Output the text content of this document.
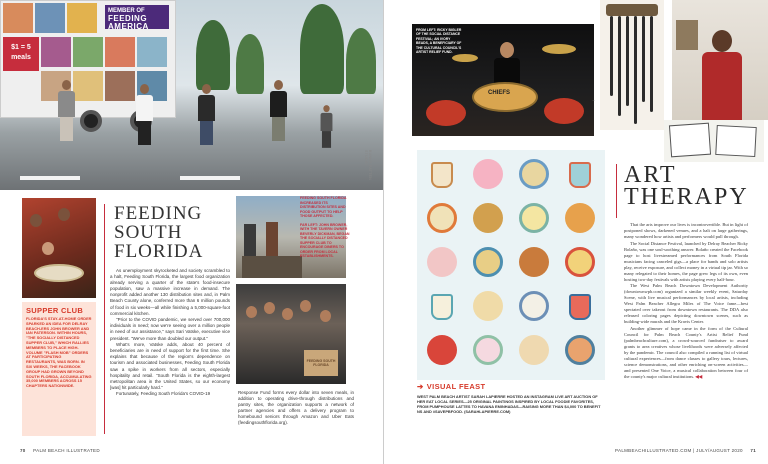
MEMBER OF
FEEDING
AMERICA
$1 = 5 meals
BUNNY PATTEN STUDIO
SUPPER CLUB
FLORIDA'S STAY-AT-HOME ORDER SPARKED AN IDEA FOR DELRAY BEACH-ERS JOHN BROWER AND IAN PATERSON. WITHIN HOURS, "THE SOCIALLY DISTANCED SUPPER CLUB," WHICH RALLIES MEMBERS TO PLACE HIGH-VOLUME "FLASH MOB" ORDERS AT PARTICIPATING RESTAURANTS, WAS BORN. IN SIX WEEKS, THE FACEBOOK GROUP HAD GROWN BEYOND SOUTH FLORIDA, ACCUMULATING 35,000 MEMBERS ACROSS 15 CHAPTERS NATIONWIDE.
FEEDING
SOUTH
FLORIDA

As unemployment skyrocketed and society scrambled to a halt, Feeding South Florida, the largest food organization already serving a quarter of the state's food-insecure population, saw a massive increase in demand. The nonprofit added another 130 distribution sites and, in Palm Beach County alone, conferred more than 6 million pounds of food in six weeks—all while finishing a 5,000-square-foot commercial kitchen.

"Prior to the COVID pandemic, we served over 700,000 individuals in need; now we're seeing over a million people in need of our assistance," says Sari Vatske, executive vice president. "We've more than doubled our output."

What's more, Vatske adds, about 40 percent of beneficiaries are in need of support for the first time. She explains that because of the region's dependence on tourism and associated businesses, Feeding South Florida saw a spike in workers from all sectors, especially hospitality and retail. "South Florida is the eighth-largest metropolitan area in the United States, so our economy [was] hit particularly hard."

Fortunately, Feeding South Florida's COVID-19

FEEDING SOUTH FLORIDA

FEEDING SOUTH FLORIDA INCREASED ITS DISTRIBUTION SITES AND FOOD OUTPUT TO HELP THOSE AFFECTED.

FAR LEFT: JOHN BROWER, WITH THE TAVERN OWNER BEVERLY DICKMAN, BEGAN THE SOCIALLY DISTANCED SUPPER CLUB TO ENCOURAGE DINERS TO ORDER FROM LOCAL ESTABLISHMENTS.

Response Fund forms every dollar into seven meals, in addition to operating drive-through distributions and pantry sites, the organization supports a network of partner agencies and offers a delivery program to homebound seniors through Amazon and Uber Eats (feedingsouthflorida.org).
70 PALM BEACH ILLUSTRATED
FROM LEFT: RICKY BIGLER OF THE SOCIAL DISTANCE FESTIVAL; AN IVORY BEADS, A BENEFICIARY OF THE CULTURAL COUNCIL'S ARTIST RELIEF FUND.
CHIEFS
|
➔ VISUAL FEAST
WEST PALM BEACH ARTIST SARAH LAPIERRE HOSTED AN INSTAGRAM LIVE ART AUCTION OF HER EAT LOCAL SERIES—25 ORIGINAL PAINTINGS INSPIRED BY LOCAL FOODIE FAVORITES, FROM PUMPHOUSE LATTES TO HAVANA EMINHADAS—RAISING MORE THAN $4,000 TO BENEFIT NS AND #SAVEPBFOOD. (SARAHLAPIERRE.COM)
ART
THERAPY

That the arts improve our lives is incontrovertible. But in light of postponed shows, darkened venues, and a halt on large gatherings, many wondered how artists and performers would pull through.

The Social Distance Festival, launched by Delray Beacher Ricky Bolaño, was one soul-soothing answer. Bolaño created the Facebook page to host livestreamed performances from South Florida musicians facing canceled gigs—a place for bands and solo artists play, receive exposure, and collect money in a virtual tip jar. With so many relegated to their homes, the page grew legs of its own, even hosting two-day festivals with artists playing every half-hour.

The West Palm Beach Downtown Development Authority (downtownwpb.com) organized a similar weekly event, Saturday Scene, with live musical performances by local artists, including West Palm Beacher Allegra Miles of The Voice fame—best spectated over takeout from downtown restaurants. The DDA also released coloring pages depicting downtown scenes, such as building-wide murals and the Kravis Center.

Another glimmer of hope came in the form of the Cultural Council for Palm Beach County's Artist Relief Fund (palmbeachculture.com), a crowd-sourced fundraiser to award grants to area creatives whose livelihoods were adversely affected by the pandemic. The council also compiled a running list of virtual cultural experiences—from dance classes to gallery tours, lectures, science demonstrations, and other enriching on-screen activities—and presented One Voice, a musical collaboration between four of the county's major cultural institutions. ◀◀

PALMBEACHILLUSTRATED.COM | JULY/AUGUST 2020 71
